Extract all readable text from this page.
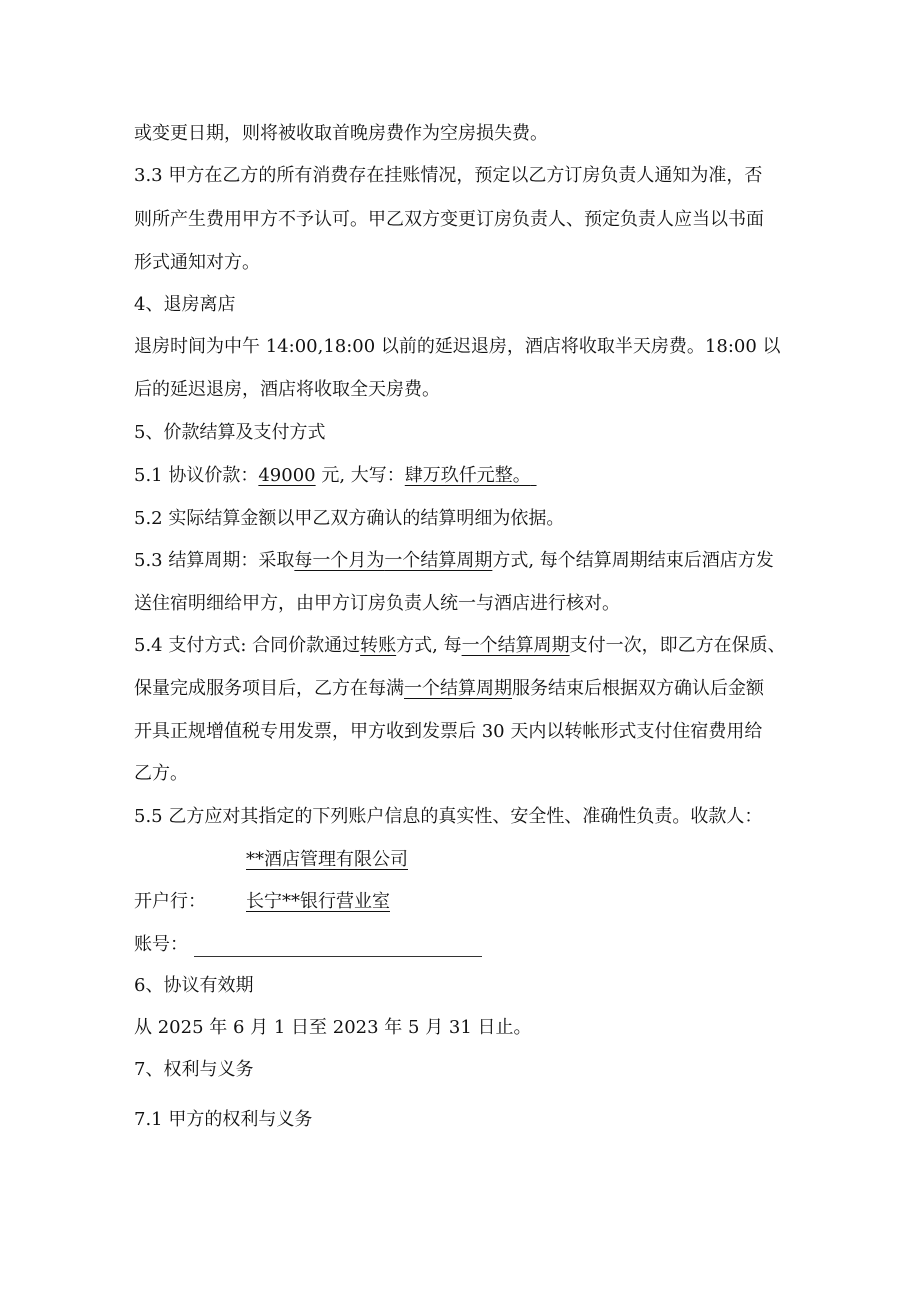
或变更日期，则将被收取首晚房费作为空房损失费。
3.3 甲方在乙方的所有消费存在挂账情况，预定以乙方订房负责人通知为准，否
则所产生费用甲方不予认可。甲乙双方变更订房负责人、预定负责人应当以书面
形式通知对方。
4、退房离店
退房时间为中午 14:00,18:00 以前的延迟退房，酒店将收取半天房费。18:00 以
后的延迟退房，酒店将收取全天房费。
5、价款结算及支付方式
5.1 协议价款：49000 元, 大写：肆万玖仟元整。
5.2 实际结算金额以甲乙双方确认的结算明细为依据。
5.3 结算周期：采取每一个月为一个结算周期方式, 每个结算周期结束后酒店方发
送住宿明细给甲方，由甲方订房负责人统一与酒店进行核对。
5.4 支付方式: 合同价款通过转账方式, 每一个结算周期支付一次，即乙方在保质、
保量完成服务项目后，乙方在每满一个结算周期服务结束后根据双方确认后金额
开具正规增值税专用发票，甲方收到发票后 30 天内以转帐形式支付住宿费用给
乙方。
5.5 乙方应对其指定的下列账户信息的真实性、安全性、准确性负责。收款人：
**酒店管理有限公司
开户行： 长宁**银行营业室
账号：
6、协议有效期
从 2025 年 6 月 1 日至 2023 年 5 月 31 日止。
7、权利与义务
7.1 甲方的权利与义务
